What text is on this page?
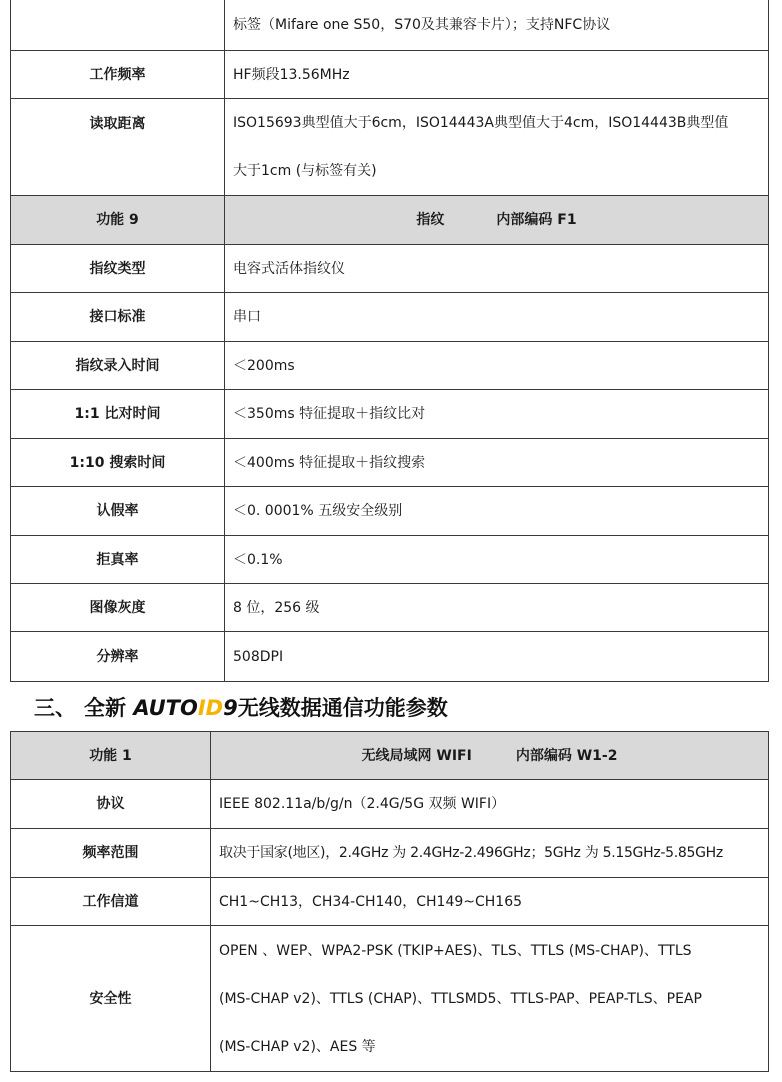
	标签（Mifare one S50，S70及其兼容卡片）；支持NFC协议
工作频率	HF频段13.56MHz
读取距离	ISO15693典型值大于6cm，ISO14443A典型值大于4cm，ISO14443B典型值
大于1cm (与标签有关)

功能 9	指纹 内部编码 F1
指纹类型	电容式活体指纹仪
接口标准	串口
指纹录入时间	＜200ms
1:1 比对时间	＜350ms 特征提取＋指纹比对
1:10 搜索时间	＜400ms 特征提取＋指纹搜索
认假率	＜0. 0001% 五级安全级别
拒真率	＜0.1%
图像灰度	8 位，256 级
分辨率	508DPI
三、 全新 AUTOID9无线数据通信功能参数
功能 1	无线局域网 WIFI 内部编码 W1-2
协议	IEEE 802.11a/b/g/n（2.4G/5G 双频 WIFI）
频率范围	取决于国家(地区)，2.4GHz 为 2.4GHz-2.496GHz；5GHz 为 5.15GHz-5.85GHz
工作信道	CH1~CH13，CH34-CH140，CH149~CH165
安全性	OPEN 、WEP、WPA2-PSK (TKIP+AES)、TLS、TTLS (MS-CHAP)、TTLS
(MS-CHAP v2)、TTLS (CHAP)、TTLSMD5、TTLS-PAP、PEAP-TLS、PEAP
(MS-CHAP v2)、AES 等
